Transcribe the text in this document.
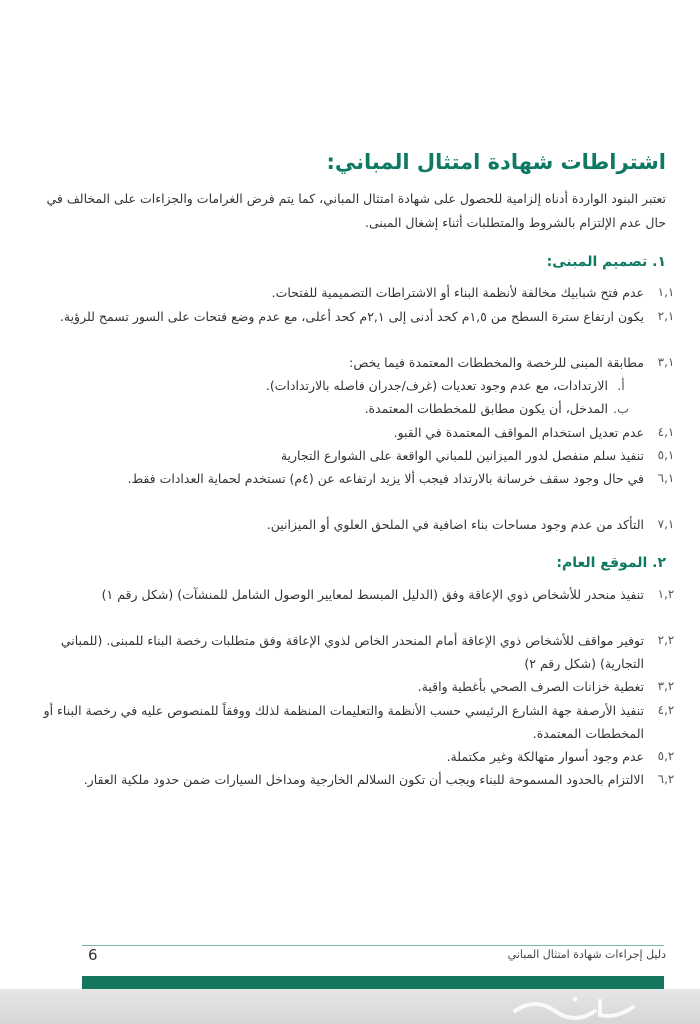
اشتراطات شهادة امتثال المباني:
تعتبر البنود الواردة أدناه إلزامية للحصول على شهادة امتثال المباني، كما يتم فرض الغرامات والجزاءات على المخالف في حال عدم الإلتزام بالشروط والمتطلبات أثناء إشغال المبنى.
١. تصميم المبنى:
١,١
عدم فتح شبابيك مخالفة لأنظمة البناء أو الاشتراطات التصميمية للفتحات.
٢,١
يكون ارتفاع سترة السطح من ١,٥م كحد أدنى إلى ٢,١م كحد أعلى، مع عدم وضع فتحات على السور تسمح للرؤية.
٣,١
مطابقة المبنى للرخصة والمخططات المعتمدة فيما يخص:
أ. الارتدادات، مع عدم وجود تعديات (غرف/جدران فاصله بالارتدادات).
ب. المدخل، أن يكون مطابق للمخططات المعتمدة.
٤,١
عدم تعديل استخدام المواقف المعتمدة في القبو.
٥,١
تنفيذ سلم منفصل لدور الميزانين للمباني الواقعة على الشوارع التجارية
٦,١
في حال وجود سقف خرسانة بالارتداد فيجب ألا يزيد ارتفاعه عن (٤م) تستخدم لحماية العدادات فقط.
٧,١
التأكد من عدم وجود مساحات بناء اضافية في الملحق العلوي أو الميزانين.
٢. الموقع العام:
١,٢
تنفيذ منحدر للأشخاص ذوي الإعاقة وفق (الدليل المبسط لمعايير الوصول الشامل للمنشآت) (شكل رقم ١)
٢,٢
توفير مواقف للأشخاص ذوي الإعاقة أمام المنحدر الخاص لذوي الإعاقة وفق متطلبات رخصة البناء للمبنى. (للمباني التجارية) (شكل رقم ٢)
٣,٢
تغطية خزانات الصرف الصحي بأغطية واقية.
٤,٢
تنفيذ الأرصفة جهة الشارع الرئيسي حسب الأنظمة والتعليمات المنظمة لذلك ووفقاً للمنصوص عليه في رخصة البناء أو المخططات المعتمدة.
٥,٢
عدم وجود أسوار متهالكة وغير مكتملة.
٦,٢
الالتزام بالحدود المسموحة للبناء ويجب أن تكون السلالم الخارجية ومداخل السيارات ضمن حدود ملكية العقار.
دليل إجراءات شهادة امتثال المباني
6
